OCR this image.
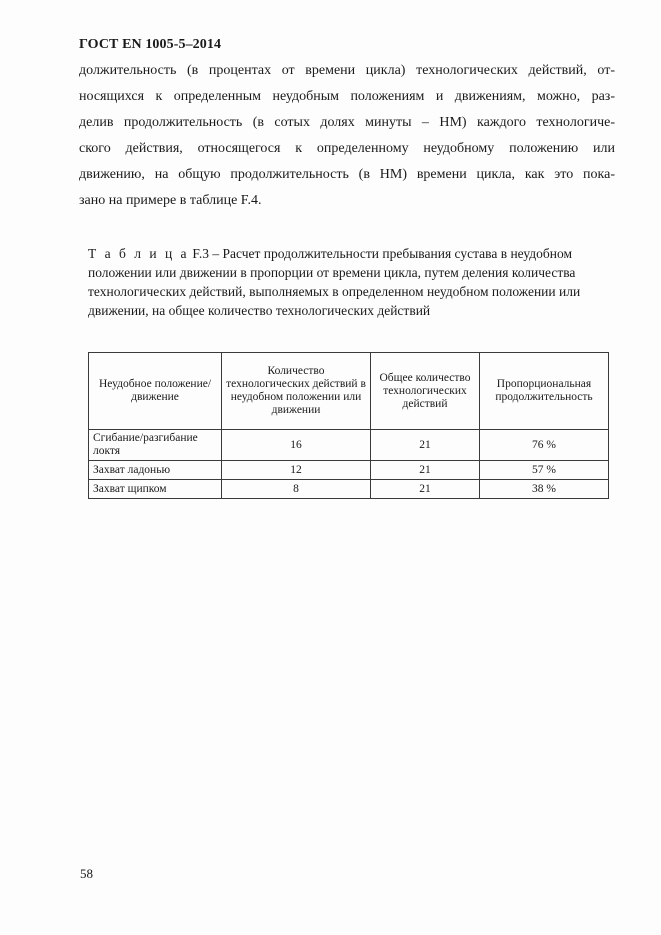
ГОСТ EN 1005-5–2014
должительность (в процентах от времени цикла) технологических действий, от-
носящихся к определенным неудобным положениям и движениям, можно, раз-
делив продолжительность (в сотых долях минуты – НМ) каждого технологиче-
ского действия, относящегося к определенному неудобному положению или
движению, на общую продолжительность (в НМ) времени цикла, как это пока-
зано на примере в таблице F.4.
Т а б л и ц а F.3 – Расчет продолжительности пребывания сустава в неудобном положении или движении в пропорции от времени цикла, путем деления количества технологических действий, выполняемых в определенном неудобном положении или движении, на общее количество технологических действий
Неудобное положение/движение	Количество технологических действий в неудобном положении или движении	Общее количество технологических действий	Пропорциональная продолжительность
Сгибание/разгибание локтя	16	21	76 %
Захват ладонью	12	21	57 %
Захват щипком	8	21	38 %
58
